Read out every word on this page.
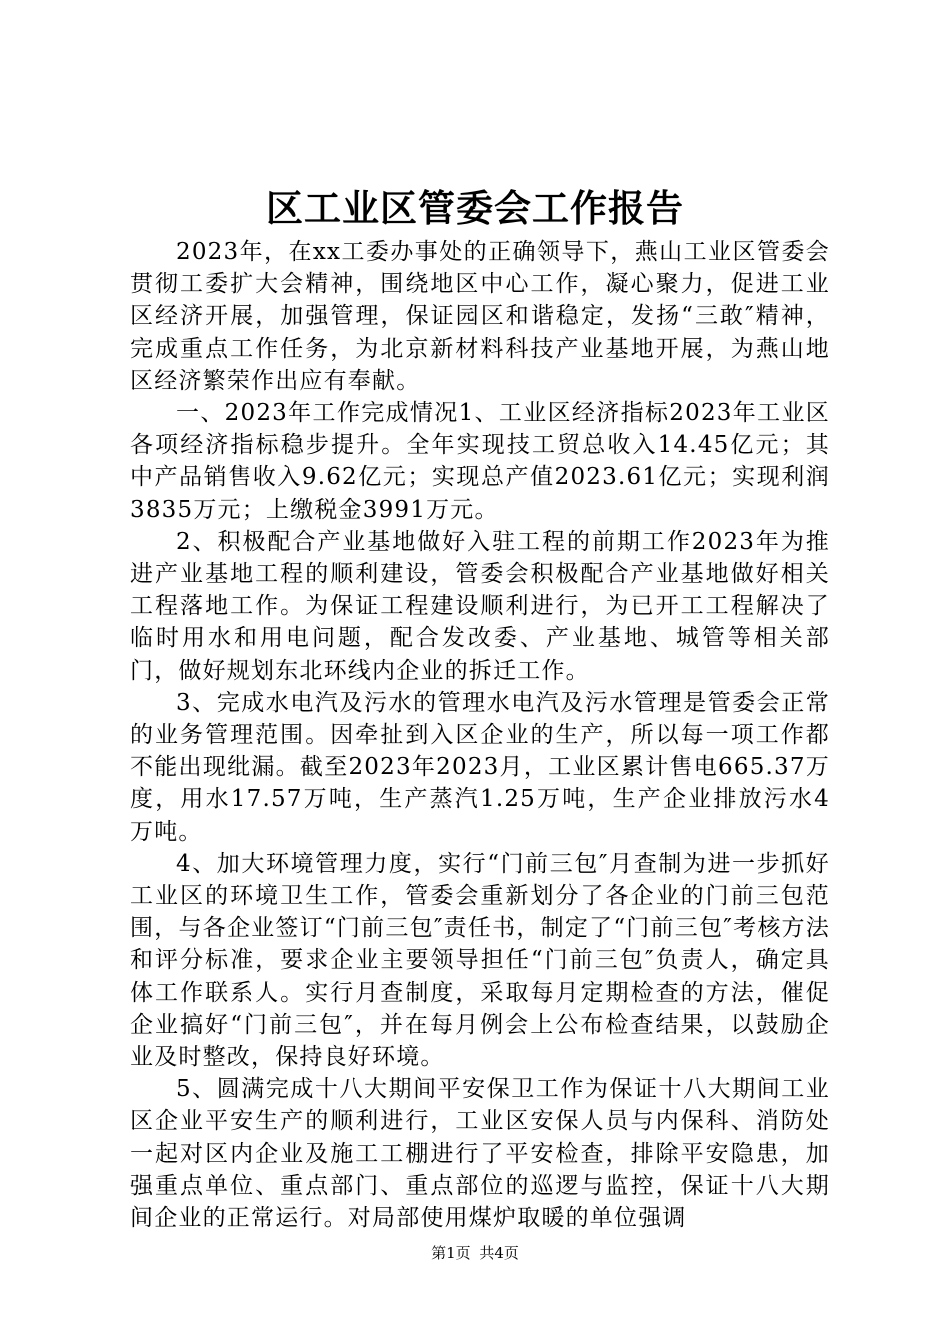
区工业区管委会工作报告

2023年，在xx工委办事处的正确领导下，燕山工业区管委会贯彻工委扩大会精神，围绕地区中心工作，凝心聚力，促进工业区经济开展，加强管理，保证园区和谐稳定，发扬“三敢″精神，完成重点工作任务，为北京新材料科技产业基地开展，为燕山地区经济繁荣作出应有奉献。

一、2023年工作完成情况1、工业区经济指标2023年工业区各项经济指标稳步提升。全年实现技工贸总收入14.45亿元；其中产品销售收入9.62亿元；实现总产值2023.61亿元；实现利润3835万元；上缴税金3991万元。

2、积极配合产业基地做好入驻工程的前期工作2023年为推进产业基地工程的顺利建设，管委会积极配合产业基地做好相关工程落地工作。为保证工程建设顺利进行，为已开工工程解决了临时用水和用电问题，配合发改委、产业基地、城管等相关部门，做好规划东北环线内企业的拆迁工作。

3、完成水电汽及污水的管理水电汽及污水管理是管委会正常的业务管理范围。因牵扯到入区企业的生产，所以每一项工作都不能出现纰漏。截至2023年2023月，工业区累计售电665.37万度，用水17.57万吨，生产蒸汽1.25万吨，生产企业排放污水4万吨。

4、加大环境管理力度，实行“门前三包″月查制为进一步抓好工业区的环境卫生工作，管委会重新划分了各企业的门前三包范围，与各企业签订“门前三包″责任书，制定了“门前三包″考核方法和评分标准，要求企业主要领导担任“门前三包″负责人，确定具体工作联系人。实行月查制度，采取每月定期检查的方法，催促企业搞好“门前三包″，并在每月例会上公布检查结果，以鼓励企业及时整改，保持良好环境。

5、圆满完成十八大期间平安保卫工作为保证十八大期间工业区企业平安生产的顺利进行，工业区安保人员与内保科、消防处一起对区内企业及施工工棚进行了平安检查，排除平安隐患，加强重点单位、重点部门、重点部位的巡逻与监控，保证十八大期间企业的正常运行。对局部使用煤炉取暖的单位强调

第1页 共4页
